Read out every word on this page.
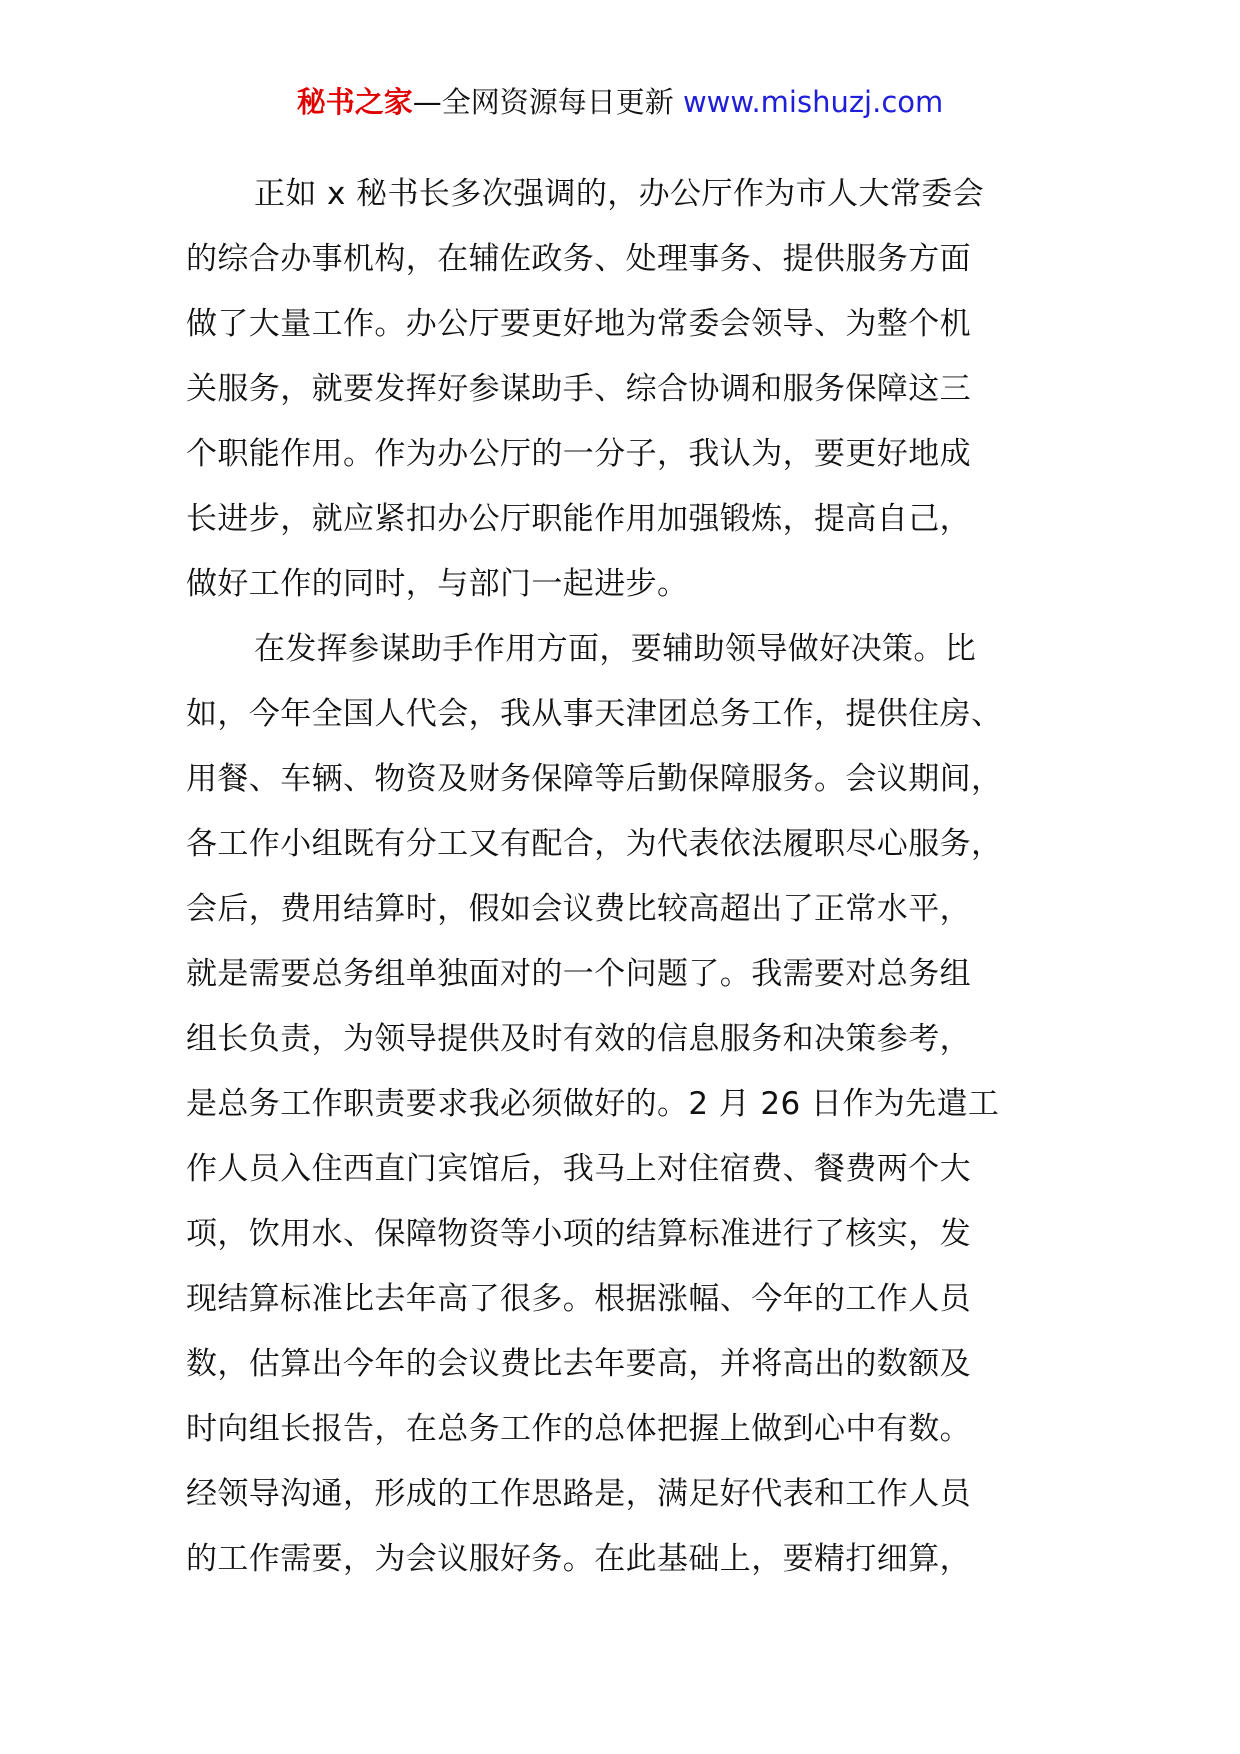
秘书之家—全网资源每日更新 www.mishuzj.com
正如 x 秘书长多次强调的，办公厅作为市人大常委会
的综合办事机构，在辅佐政务、处理事务、提供服务方面
做了大量工作。办公厅要更好地为常委会领导、为整个机
关服务，就要发挥好参谋助手、综合协调和服务保障这三
个职能作用。作为办公厅的一分子，我认为，要更好地成
长进步，就应紧扣办公厅职能作用加强锻炼，提高自己，
做好工作的同时，与部门一起进步。
在发挥参谋助手作用方面，要辅助领导做好决策。比
如，今年全国人代会，我从事天津团总务工作，提供住房、
用餐、车辆、物资及财务保障等后勤保障服务。会议期间，
各工作小组既有分工又有配合，为代表依法履职尽心服务，
会后，费用结算时，假如会议费比较高超出了正常水平，
就是需要总务组单独面对的一个问题了。我需要对总务组
组长负责，为领导提供及时有效的信息服务和决策参考，
是总务工作职责要求我必须做好的。2 月 26 日作为先遣工
作人员入住西直门宾馆后，我马上对住宿费、餐费两个大
项，饮用水、保障物资等小项的结算标准进行了核实，发
现结算标准比去年高了很多。根据涨幅、今年的工作人员
数，估算出今年的会议费比去年要高，并将高出的数额及
时向组长报告，在总务工作的总体把握上做到心中有数。
经领导沟通，形成的工作思路是，满足好代表和工作人员
的工作需要，为会议服好务。在此基础上，要精打细算，
